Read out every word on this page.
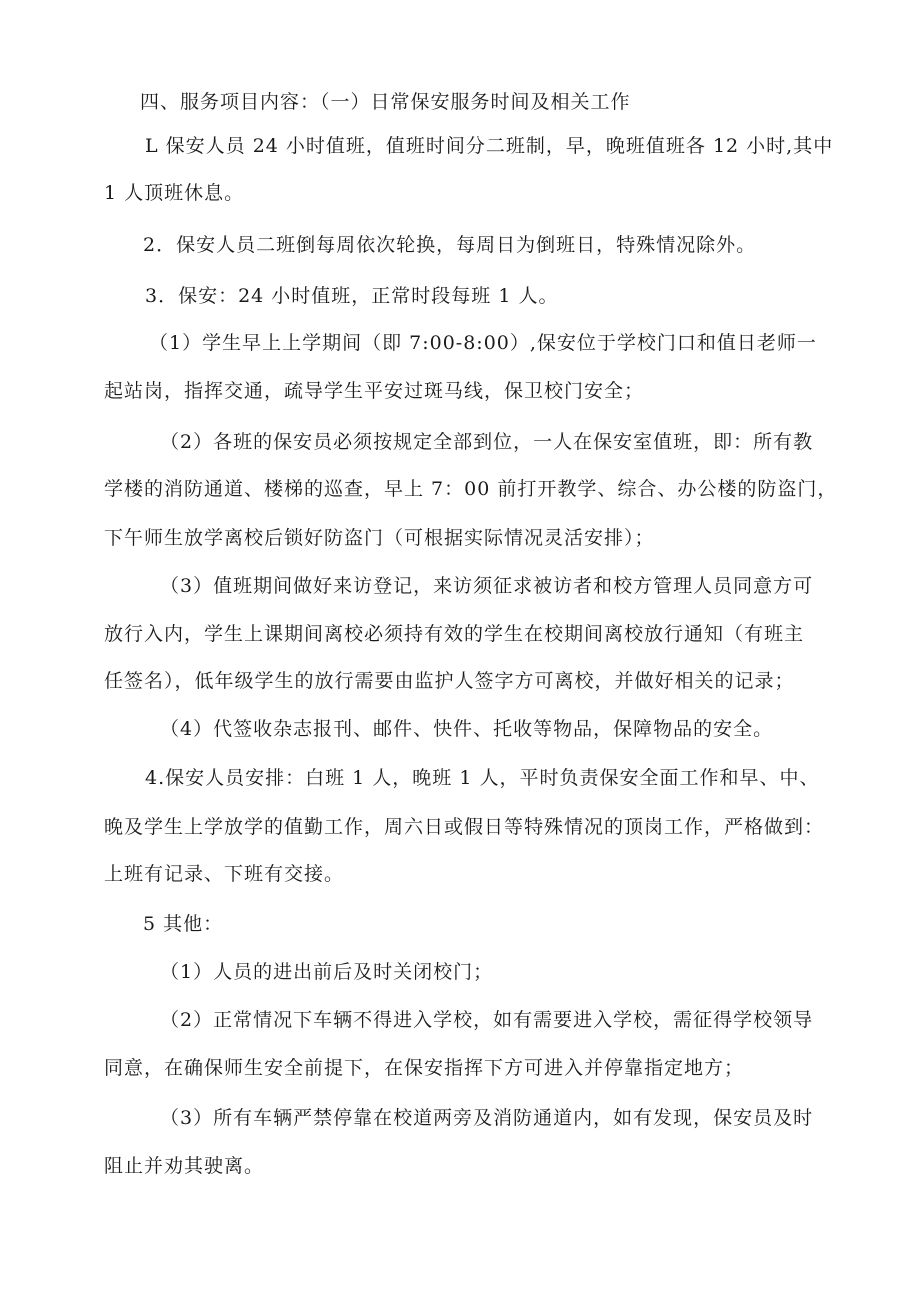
四、服务项目内容：（一）日常保安服务时间及相关工作
L 保安人员 24 小时值班，值班时间分二班制，早，晚班值班各 12 小时,其中
1 人顶班休息。
2．保安人员二班倒每周依次轮换，每周日为倒班日，特殊情况除外。
3．保安：24 小时值班，正常时段每班 1 人。
（1）学生早上上学期间（即 7:00-8:00）,保安位于学校门口和值日老师一
起站岗，指挥交通，疏导学生平安过斑马线，保卫校门安全；
（2）各班的保安员必须按规定全部到位，一人在保安室值班，即：所有教
学楼的消防通道、楼梯的巡查，早上 7：00 前打开教学、综合、办公楼的防盗门，
下午师生放学离校后锁好防盗门（可根据实际情况灵活安排）；
（3）值班期间做好来访登记，来访须征求被访者和校方管理人员同意方可
放行入内，学生上课期间离校必须持有效的学生在校期间离校放行通知（有班主
任签名），低年级学生的放行需要由监护人签字方可离校，并做好相关的记录；
（4）代签收杂志报刊、邮件、快件、托收等物品，保障物品的安全。
4.保安人员安排：白班 1 人，晚班 1 人，平时负责保安全面工作和早、中、
晚及学生上学放学的值勤工作，周六日或假日等特殊情况的顶岗工作，严格做到：
上班有记录、下班有交接。
5 其他：
（1）人员的进出前后及时关闭校门；
（2）正常情况下车辆不得进入学校，如有需要进入学校，需征得学校领导
同意，在确保师生安全前提下，在保安指挥下方可进入并停靠指定地方；
（3）所有车辆严禁停靠在校道两旁及消防通道内，如有发现，保安员及时
阻止并劝其驶离。
